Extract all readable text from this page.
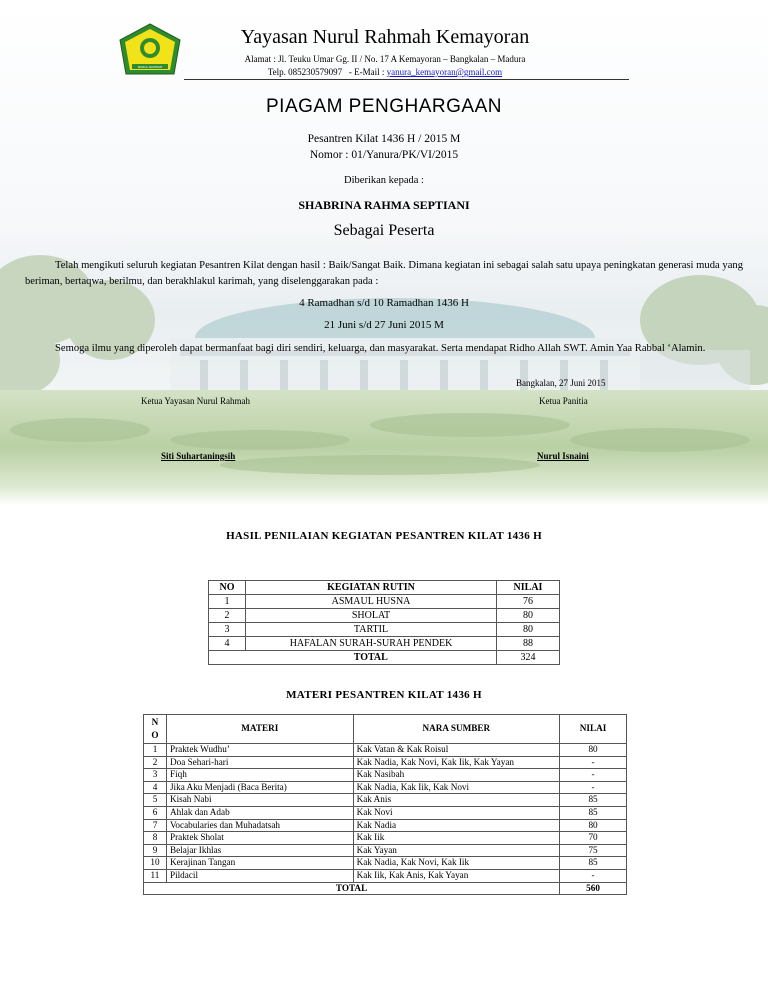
NURUL RAHMAH
Yayasan Nurul Rahmah Kemayoran
Alamat : Jl. Teuku Umar Gg. II / No. 17 A Kemayoran – Bangkalan – Madura
Telp. 085230579097   - E-Mail : yanura_kemayoran@gmail.com
PIAGAM PENGHARGAAN
Pesantren Kilat 1436 H / 2015 M
Nomor : 01/Yanura/PK/VI/2015
Diberikan kepada :
SHABRINA RAHMA SEPTIANI
Sebagai Peserta
Telah mengikuti seluruh kegiatan Pesantren Kilat dengan hasil : Baik/Sangat Baik. Dimana kegiatan ini sebagai salah satu upaya peningkatan generasi muda yang beriman, bertaqwa, berilmu, dan berakhlakul karimah, yang diselenggarakan pada :
4 Ramadhan s/d 10 Ramadhan 1436 H
21 Juni s/d 27 Juni 2015 M
Semoga ilmu yang diperoleh dapat bermanfaat bagi diri sendiri, keluarga, dan masyarakat. Serta mendapat Ridho Allah SWT. Amin Yaa Rabbal ‘Alamin.
Bangkalan, 27 Juni 2015
Ketua Yayasan Nurul Rahmah	Ketua Panitia
Siti Suhartaningsih	Nurul Isnaini
HASIL PENILAIAN KEGIATAN PESANTREN KILAT 1436 H
NO	KEGIATAN RUTIN	NILAI
1	ASMAUL HUSNA	76
2	SHOLAT	80
3	TARTIL	80
4	HAFALAN SURAH-SURAH PENDEK	88
	TOTAL	324
MATERI PESANTREN KILAT 1436 H
N O	MATERI	NARA SUMBER	NILAI
1	Praktek Wudhu’	Kak Vatan & Kak Roisul	80
2	Doa Sehari-hari	Kak Nadia, Kak Novi, Kak Iik, Kak Yayan	-
3	Fiqh	Kak Nasibah	-
4	Jika Aku Menjadi (Baca Berita)	Kak Nadia, Kak Iik, Kak Novi	-
5	Kisah Nabi	Kak Anis	85
6	Ahlak dan Adab	Kak Novi	85
7	Vocabularies dan Muhadatsah	Kak Nadia	80
8	Praktek Sholat	Kak Iik	70
9	Belajar Ikhlas	Kak Yayan	75
10	Kerajinan Tangan	Kak Nadia, Kak Novi, Kak Iik	85
11	Pildacil	Kak Iik, Kak Anis, Kak Yayan	-
TOTAL			560
